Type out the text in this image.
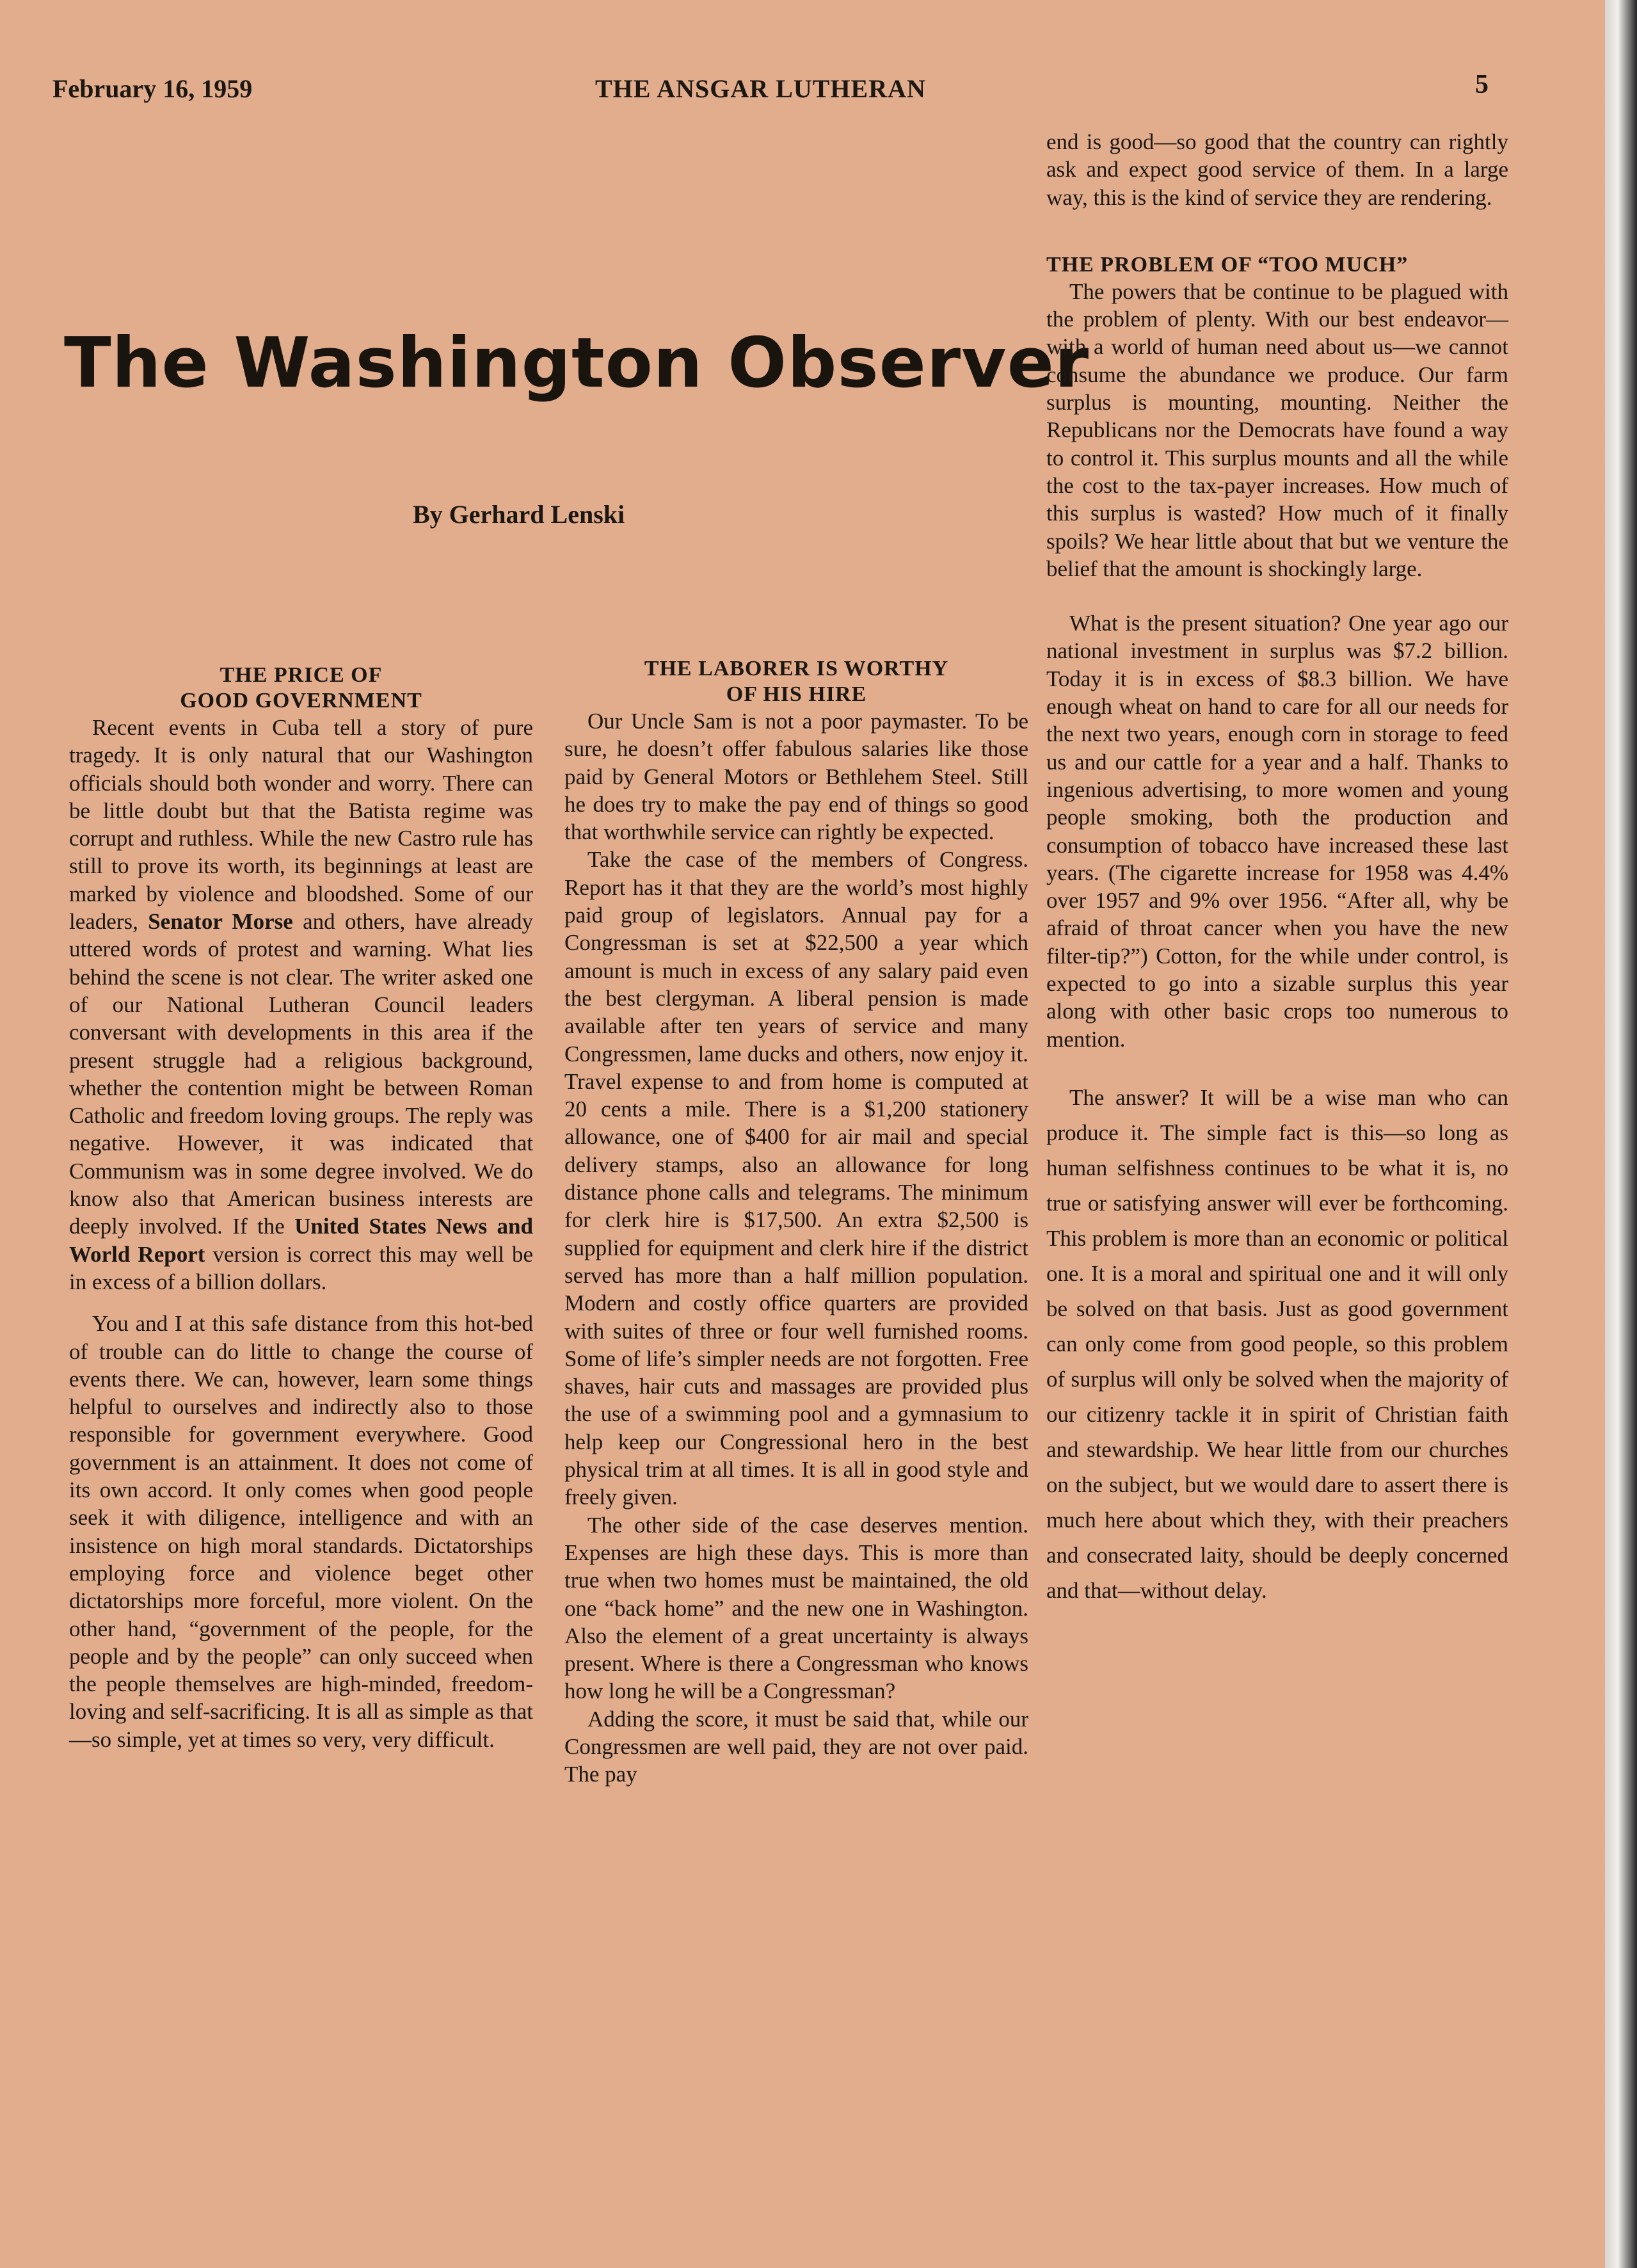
February 16, 1959	THE ANSGAR LUTHERAN	5
The Washington Observer
By Gerhard Lenski
THE PRICE OF
GOOD GOVERNMENT

Recent events in Cuba tell a story of pure tragedy. It is only natural that our Washington officials should both wonder and worry. There can be little doubt but that the Batista regime was corrupt and ruthless. While the new Castro rule has still to prove its worth, its beginnings at least are marked by violence and bloodshed. Some of our leaders, Senator Morse and others, have already uttered words of protest and warning. What lies behind the scene is not clear. The writer asked one of our National Lutheran Council leaders conversant with developments in this area if the present struggle had a religious background, whether the contention might be between Roman Catholic and freedom loving groups. The reply was negative. However, it was indicated that Communism was in some degree involved. We do know also that American business interests are deeply involved. If the United States News and World Report version is correct this may well be in excess of a billion dollars.

You and I at this safe distance from this hot-bed of trouble can do little to change the course of events there. We can, however, learn some things helpful to ourselves and indirectly also to those responsible for government everywhere. Good government is an attainment. It does not come of its own accord. It only comes when good people seek it with diligence, intelligence and with an insistence on high moral standards. Dictatorships employing force and violence beget other dictatorships more forceful, more violent. On the other hand, “government of the people, for the people and by the people” can only succeed when the people themselves are high-minded, freedom-loving and self-sacrificing. It is all as simple as that —so simple, yet at times so very, very difficult.

THE LABORER IS WORTHY
OF HIS HIRE

Our Uncle Sam is not a poor paymaster. To be sure, he doesn’t offer fabulous salaries like those paid by General Motors or Bethlehem Steel. Still he does try to make the pay end of things so good that worthwhile service can rightly be expected.

Take the case of the members of Congress. Report has it that they are the world’s most highly paid group of legislators. Annual pay for a Congressman is set at $22,500 a year which amount is much in excess of any salary paid even the best clergyman. A liberal pension is made available after ten years of service and many Congressmen, lame ducks and others, now enjoy it. Travel expense to and from home is computed at 20 cents a mile. There is a $1,200 stationery allowance, one of $400 for air mail and special delivery stamps, also an allowance for long distance phone calls and telegrams. The minimum for clerk hire is $17,500. An extra $2,500 is supplied for equipment and clerk hire if the district served has more than a half million population. Modern and costly office quarters are provided with suites of three or four well furnished rooms. Some of life’s simpler needs are not forgotten. Free shaves, hair cuts and massages are provided plus the use of a swimming pool and a gymnasium to help keep our Congressional hero in the best physical trim at all times. It is all in good style and freely given.

The other side of the case deserves mention. Expenses are high these days. This is more than true when two homes must be maintained, the old one “back home” and the new one in Washington. Also the element of a great uncertainty is always present. Where is there a Congressman who knows how long he will be a Congressman?

Adding the score, it must be said that, while our Congressmen are well paid, they are not over paid. The pay

end is good—so good that the country can rightly ask and expect good service of them. In a large way, this is the kind of service they are rendering.

THE PROBLEM OF “TOO MUCH”

The powers that be continue to be plagued with the problem of plenty. With our best endeavor—with a world of human need about us—we cannot consume the abundance we produce. Our farm surplus is mounting, mounting. Neither the Republicans nor the Democrats have found a way to control it. This surplus mounts and all the while the cost to the tax-payer increases. How much of this surplus is wasted? How much of it finally spoils? We hear little about that but we venture the belief that the amount is shockingly large.

What is the present situation? One year ago our national investment in surplus was $7.2 billion. Today it is in excess of $8.3 billion. We have enough wheat on hand to care for all our needs for the next two years, enough corn in storage to feed us and our cattle for a year and a half. Thanks to ingenious advertising, to more women and young people smoking, both the production and consumption of tobacco have increased these last years. (The cigarette increase for 1958 was 4.4% over 1957 and 9% over 1956. “After all, why be afraid of throat cancer when you have the new filter-tip?”) Cotton, for the while under control, is expected to go into a sizable surplus this year along with other basic crops too numerous to mention.

The answer? It will be a wise man who can produce it. The simple fact is this—so long as human selfishness continues to be what it is, no true or satisfying answer will ever be forthcoming. This problem is more than an economic or political one. It is a moral and spiritual one and it will only be solved on that basis. Just as good government can only come from good people, so this problem of surplus will only be solved when the majority of our citizenry tackle it in spirit of Christian faith and stewardship. We hear little from our churches on the subject, but we would dare to assert there is much here about which they, with their preachers and consecrated laity, should be deeply concerned and that—without delay.
